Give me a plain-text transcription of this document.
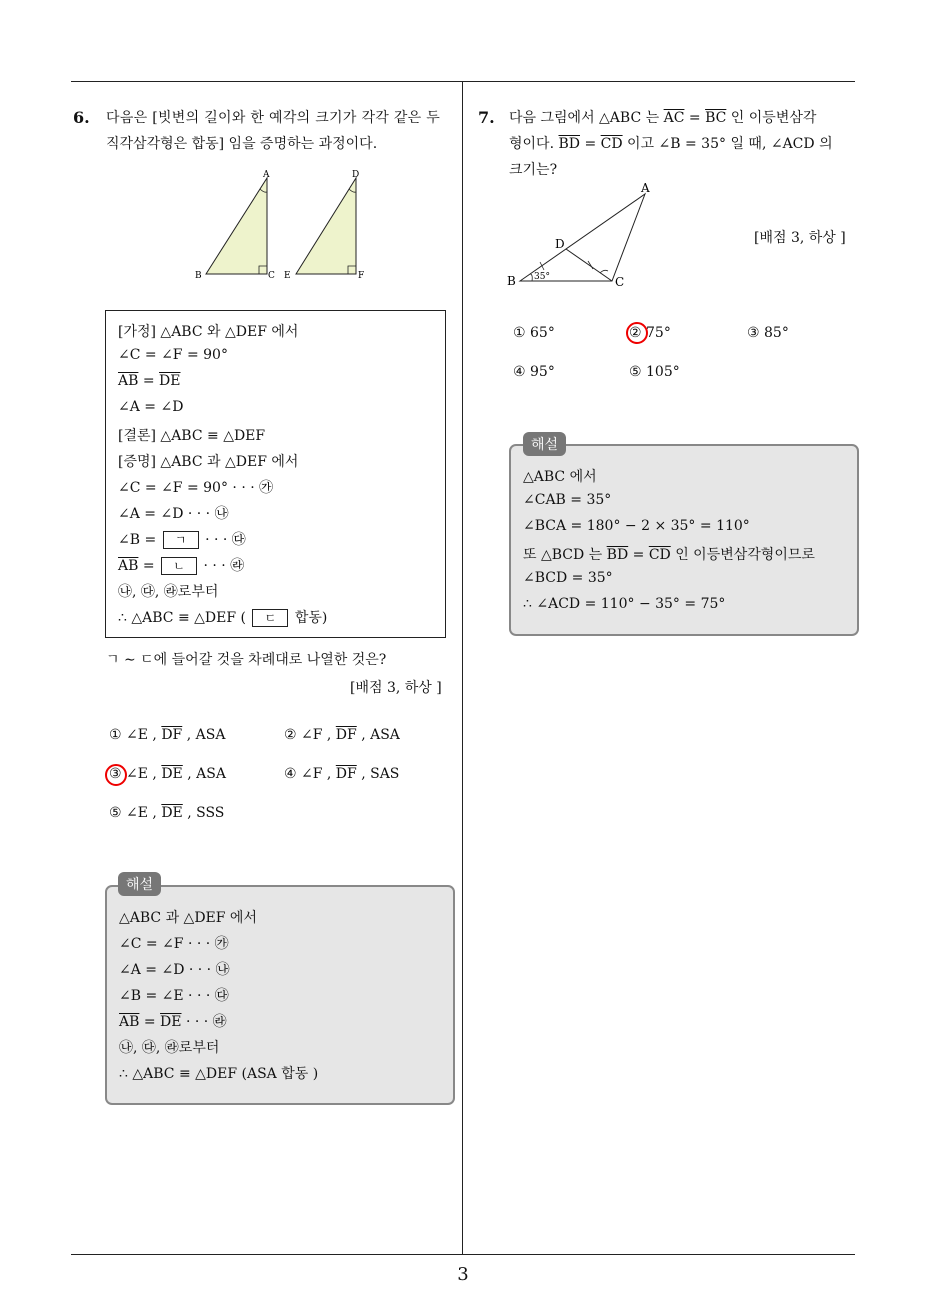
3
6. 다음은 [빗변의 길이와 한 예각의 크기가 각각 같은 두
직각삼각형은 합동] 임을 증명하는 과정이다.
A
B	C
D
E	F
[가정] △ABC 와 △DEF 에서
∠C = ∠F = 90°
$\overline{AB} = \overline{DE}$
∠A = ∠D
[결론] △ABC ≡ △DEF
[증명] △ABC 과 △DEF 에서
∠C = ∠F = 90° · · · ㉮
∠A = ∠D · · · ㉯
∠B = ㄱ · · · ㉰
$\overline{AB}$ = ㄴ · · · ㉱
㉯, ㉰, ㉱로부터
∴ △ABC ≡ △DEF ( ㄷ 합동)
ㄱ ∼ ㄷ에 들어갈 것을 차례대로 나열한 것은?
[배점 3, 하상 ]
① ∠E , $\overline{DF}$ , ASA	② ∠F , $\overline{DF}$ , ASA
③ ∠E , $\overline{DE}$ , ASA	④ ∠F , $\overline{DF}$ , SAS
⑤ ∠E , $\overline{DE}$ , SSS
△ABC 과 △DEF 에서
∠C = ∠F · · · ㉮
∠A = ∠D · · · ㉯
∠B = ∠E · · · ㉰
$\overline{AB} = \overline{DE}$ · · · ㉱
㉯, ㉰, ㉱로부터
∴ △ABC ≡ △DEF (ASA 합동 )
해설
7. 다음 그림에서 △ABC 는 $\overline{AC} = \overline{BC}$ 인 이등변삼각
형이다. $\overline{BD} = \overline{CD}$ 이고 ∠B = 35° 일 때, ∠ACD 의
크기는?
A
B	C
D
35°
[배점 3, 하상 ]
① 65°	② 75°	③ 85°
④ 95°	⑤ 105°
△ABC 에서
∠CAB = 35°
∠BCA = 180° − 2 × 35° = 110°
또 △BCD 는 $\overline{BD} = \overline{CD}$ 인 이등변삼각형이므로
∠BCD = 35°
∴ ∠ACD = 110° − 35° = 75°
해설
